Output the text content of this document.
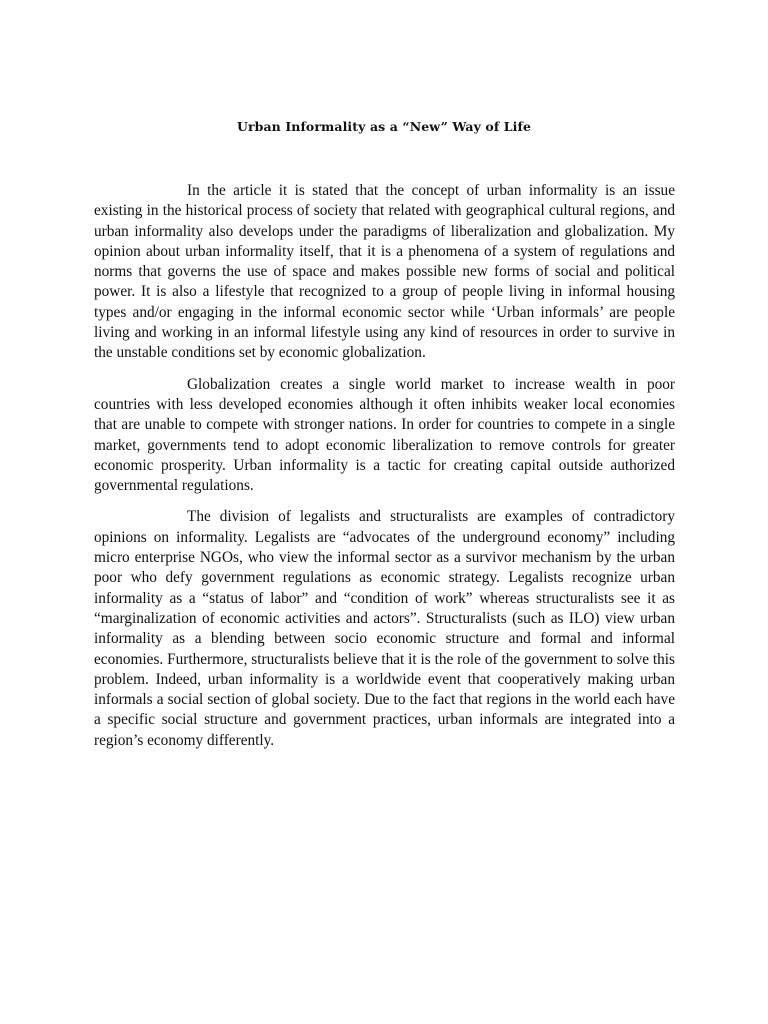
Urban Informality as a “New” Way of Life

In the article it is stated that the concept of urban informality is an issue existing in the historical process of society that related with geographical cultural regions, and urban informality also develops under the paradigms of liberalization and globalization. My opinion about urban informality itself, that it is a phenomena of a system of regulations and norms that governs the use of space and makes possible new forms of social and political power. It is also a lifestyle that recognized to a group of people living in informal housing types and/or engaging in the informal economic sector while ‘Urban informals’ are people living and working in an informal lifestyle using any kind of resources in order to survive in the unstable conditions set by economic globalization.

Globalization creates a single world market to increase wealth in poor countries with less developed economies although it often inhibits weaker local economies that are unable to compete with stronger nations. In order for countries to compete in a single market, governments tend to adopt economic liberalization to remove controls for greater economic prosperity. Urban informality is a tactic for creating capital outside authorized governmental regulations.

The division of legalists and structuralists are examples of contradictory opinions on informality. Legalists are “advocates of the underground economy” including micro enterprise NGOs, who view the informal sector as a survivor mechanism by the urban poor who defy government regulations as economic strategy. Legalists recognize urban informality as a “status of labor” and “condition of work” whereas structuralists see it as “marginalization of economic activities and actors”. Structuralists (such as ILO) view urban informality as a blending between socio economic structure and formal and informal economies. Furthermore, structuralists believe that it is the role of the government to solve this problem. Indeed, urban informality is a worldwide event that cooperatively making urban informals a social section of global society. Due to the fact that regions in the world each have a specific social structure and government practices, urban informals are integrated into a region’s economy differently.
